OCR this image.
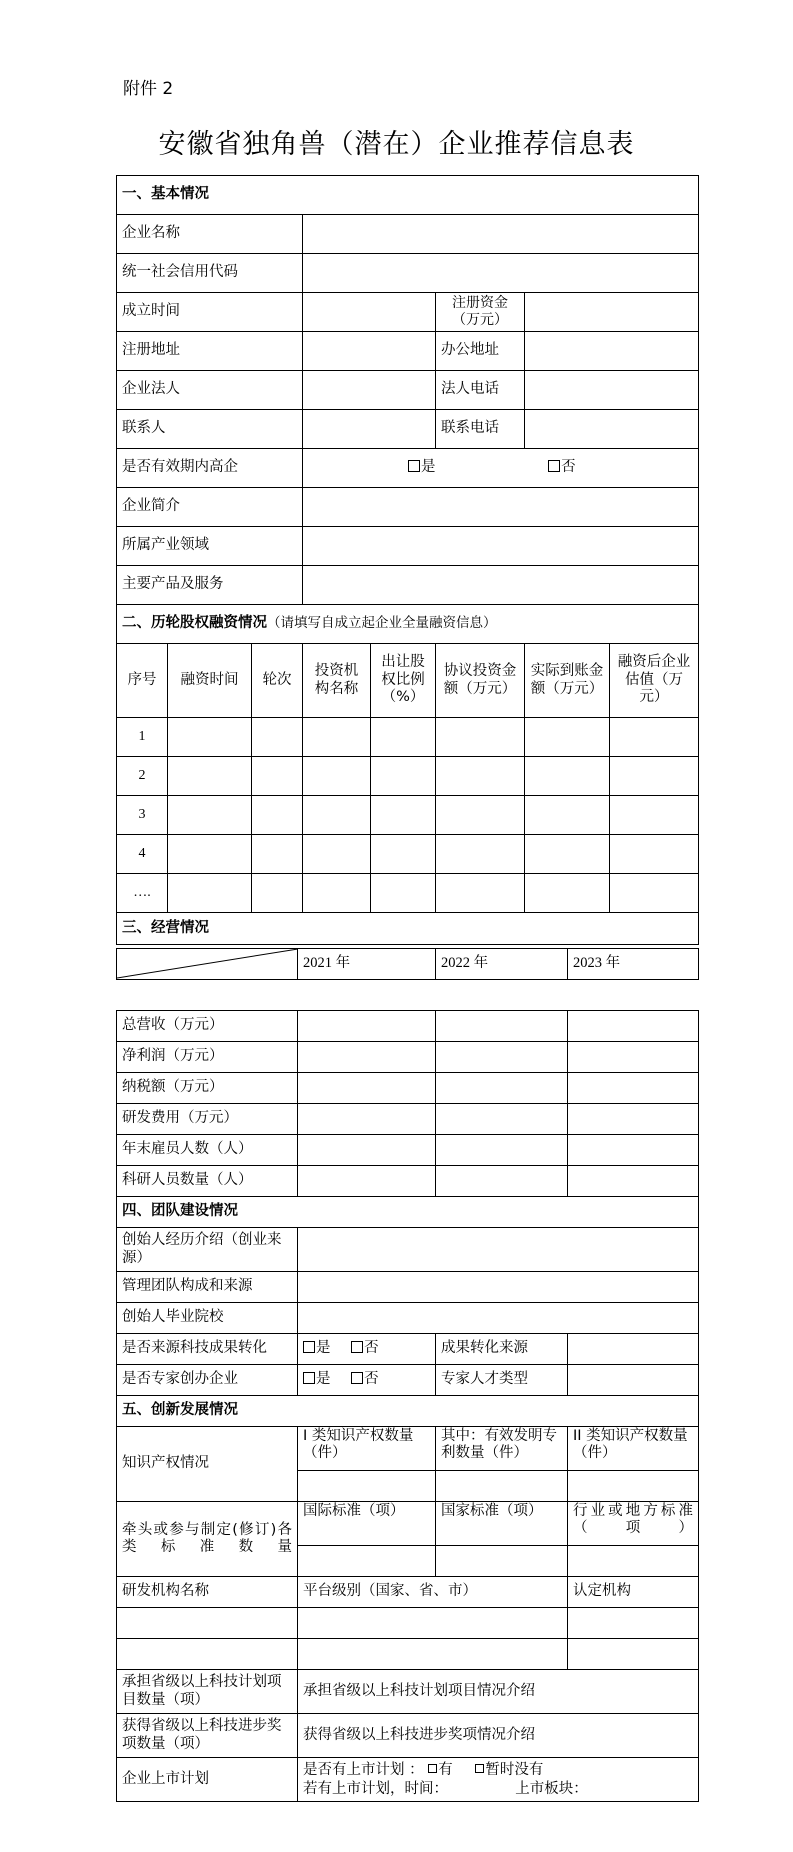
附件 2
安徽省独角兽（潜在）企业推荐信息表
一、基本情况							
企业名称							
统一社会信用代码							
成立时间					注册资金（万元）		
注册地址					办公地址		
企业法人					法人电话		
联系人					联系电话		
是否有效期内高企			是 否				
企业简介							
所属产业领域							
主要产品及服务							
二、历轮股权融资情况（请填写自成立起企业全量融资信息）							
序号	融资时间	轮次	投资机构名称	出让股权比例（%）	协议投资金额（万元）	实际到账金额（万元）	融资后企业估值（万元）
1							
2							
3							
4							
….							
三、经营情况							
	2021 年	2022 年	2023 年
总营收（万元）			
净利润（万元）			
纳税额（万元）			
研发费用（万元）			
年末雇员人数（人）			
科研人员数量（人）			
四、团队建设情况			
创始人经历介绍（创业来源）			
管理团队构成和来源			
创始人毕业院校			
是否来源科技成果转化	是 否	成果转化来源	
是否专家创办企业	是 否	专家人才类型	
五、创新发展情况			
知识产权情况	I 类知识产权数量（件）	其中：有效发明专利数量（件）	II 类知识产权数量（件）

牵头或参与制定(修订)各类标准数量	国际标准（项）	国家标准（项）	行业或地方标准（项）

研发机构名称	平台级别（国家、省、市）		认定机构

承担省级以上科技计划项目数量（项）	承担省级以上科技计划项目情况介绍		
获得省级以上科技进步奖项数量（项）	获得省级以上科技进步奖项情况介绍		
企业上市计划	是否有上市计划 ： 有 暂时没有
若有上市计划，时间： 上市板块：		
